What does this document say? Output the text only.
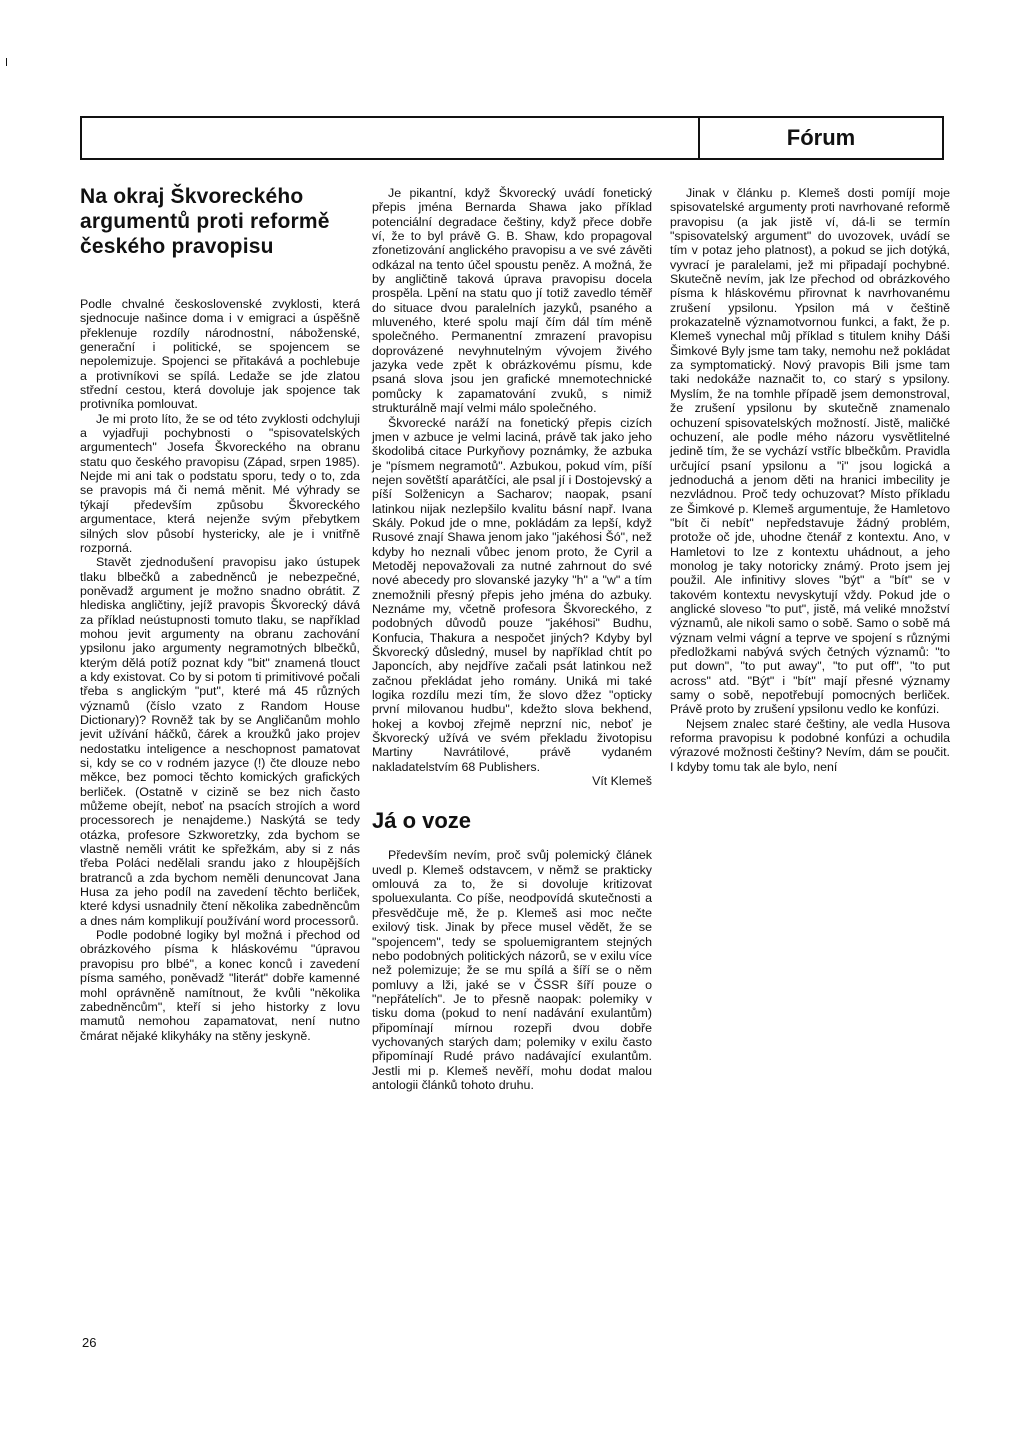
Fórum
Na okraj Škvoreckého argumentů proti reformě českého pravopisu

Podle chvalné československé zvyklosti, která sjednocuje našince doma i v emigraci a úspěšně překlenuje rozdíly národnostní, náboženské, generační i politické, se spojencem se nepolemizuje. Spojenci se přitakává a pochlebuje a protivníkovi se spílá. Ledaže se jde zlatou střední cestou, která dovoluje jak spojence tak protivníka pomlouvat.

Je mi proto líto, že se od této zvyklosti odchyluji a vyjadřuji pochybnosti o "spisovatelských argumentech" Josefa Škvoreckého na obranu statu quo českého pravopisu (Západ, srpen 1985). Nejde mi ani tak o podstatu sporu, tedy o to, zda se pravopis má či nemá měnit. Mé výhrady se týkají především způsobu Škvoreckého argumentace, která nejenže svým přebytkem silných slov působí hystericky, ale je i vnitřně rozporná.

Stavět zjednodušení pravopisu jako ústupek tlaku blbečků a zabedněnců je nebezpečné, poněvadž argument je možno snadno obrátit. Z hlediska angličtiny, jejíž pravopis Škvorecký dává za příklad neústupnosti tomuto tlaku, se například mohou jevit argumenty na obranu zachování ypsilonu jako argumenty negramotných blbečků, kterým dělá potíž poznat kdy "bit" znamená tlouct a kdy existovat. Co by si potom ti primitivové počali třeba s anglickým "put", které má 45 různých významů (číslo vzato z Random House Dictionary)? Rovněž tak by se Angličanům mohlo jevit užívání háčků, čárek a kroužků jako projev nedostatku inteligence a neschopnost pamatovat si, kdy se co v rodném jazyce (!) čte dlouze nebo měkce, bez pomoci těchto komických grafických berliček. (Ostatně v cizině se bez nich často můžeme obejít, neboť na psacích strojích a word processorech je nenajdeme.) Naskýtá se tedy otázka, profesore Szkworetzky, zda bychom se vlastně neměli vrátit ke spřežkám, aby si z nás třeba Poláci nedělali srandu jako z hloupějších bratranců a zda bychom neměli denuncovat Jana Husa za jeho podíl na zavedení těchto berliček, které kdysi usnadnily čtení několika zabedněncům a dnes nám komplikují používání word processorů.

Podle podobné logiky byl možná i přechod od obrázkového písma k hláskovému "úpravou pravopisu pro blbé", a konec konců i zavedení písma samého, poněvadž "literát" dobře kamenné mohl oprávněně namítnout, že kvůli "několika zabedněncům", kteří si jeho historky z lovu mamutů nemohou zapamatovat, není nutno čmárat nějaké klikyháky na stěny jeskyně.

Je pikantní, když Škvorecký uvádí fonetický přepis jména Bernarda Shawa jako příklad potenciální degradace češtiny, když přece dobře ví, že to byl právě G. B. Shaw, kdo propagoval zfonetizování anglického pravopisu a ve své závěti odkázal na tento účel spoustu peněz. A možná, že by angličtině taková úprava pravopisu docela prospěla. Lpění na statu quo jí totiž zavedlo téměř do situace dvou paralelních jazyků, psaného a mluveného, které spolu mají čím dál tím méně společného. Permanentní zmrazení pravopisu doprovázené nevyhnutelným vývojem živého jazyka vede zpět k obrázkovému písmu, kde psaná slova jsou jen grafické mnemotechnické pomůcky k zapamatování zvuků, s nimiž strukturálně mají velmi málo společného.

Škvorecké naráží na fonetický přepis cizích jmen v azbuce je velmi laciná, právě tak jako jeho škodolibá citace Purkyňovy poznámky, že azbuka je "písmem negramotů". Azbukou, pokud vím, píší nejen sovětští aparátčíci, ale psal jí i Dostojevský a píší Solženicyn a Sacharov; naopak, psaní latinkou nijak nezlepšilo kvalitu básní např. Ivana Skály. Pokud jde o mne, pokládám za lepší, když Rusové znají Shawa jenom jako "jakéhosi Šó", než kdyby ho neznali vůbec jenom proto, že Cyril a Metoděj nepovažovali za nutné zahrnout do své nové abecedy pro slovanské jazyky "h" a "w" a tím znemožnili přesný přepis jeho jména do azbuky. Neznáme my, včetně profesora Škvoreckého, z podobných důvodů pouze "jakéhosi" Budhu, Konfucia, Thakura a nespočet jiných? Kdyby byl Škvorecký důsledný, musel by například chtít po Japoncích, aby nejdříve začali psát latinkou než začnou překládat jeho romány. Uniká mi také logika rozdílu mezi tím, že slovo džez "opticky první milovanou hudbu", kdežto slova bekhend, hokej a kovboj zřejmě neprzní nic, neboť je Škvorecký užívá ve svém překladu životopisu Martiny Navrátilové, právě vydaném nakladatelstvím 68 Publishers.

Vít Klemeš

Já o voze

Především nevím, proč svůj polemický článek uvedl p. Klemeš odstavcem, v němž se prakticky omlouvá za to, že si dovoluje kritizovat spoluexulanta. Co píše, neodpovídá skutečnosti a přesvědčuje mě, že p. Klemeš asi moc nečte exilový tisk. Jinak by přece musel vědět, že se "spojencem", tedy se spoluemigrantem stejných nebo podobných politických názorů, se v exilu více než polemizuje; že se mu spílá a šíří se o něm pomluvy a lži, jaké se v ČSSR šíří pouze o "nepřátelích". Je to přesně naopak: polemiky v tisku doma (pokud to není nadávání exulantům) připomínají mírnou rozepři dvou dobře vychovaných starých dam; polemiky v exilu často připomínají Rudé právo nadávající exulantům. Jestli mi p. Klemeš nevěří, mohu dodat malou antologii článků tohoto druhu.

Jinak v článku p. Klemeš dosti pomíjí moje spisovatelské argumenty proti navrhované reformě pravopisu (a jak jistě ví, dá-li se termín "spisovatelský argument" do uvozovek, uvádí se tím v potaz jeho platnost), a pokud se jich dotýká, vyvrací je paralelami, jež mi připadají pochybné. Skutečně nevím, jak lze přechod od obrázkového písma k hláskovému přirovnat k navrhovanému zrušení ypsilonu. Ypsilon má v češtině prokazatelně významotvornou funkci, a fakt, že p. Klemeš vynechal můj příklad s titulem knihy Dáši Šimkové Byly jsme tam taky, nemohu než pokládat za symptomatický. Nový pravopis Bili jsme tam taki nedokáže naznačit to, co starý s ypsilony. Myslím, že na tomhle případě jsem demonstroval, že zrušení ypsilonu by skutečně znamenalo ochuzení spisovatelských možností. Jistě, maličké ochuzení, ale podle mého názoru vysvětlitelné jedině tím, že se vychází vstříc blbečkům. Pravidla určující psaní ypsilonu a "i" jsou logická a jednoduchá a jenom děti na hranici imbecility je nezvládnou. Proč tedy ochuzovat? Místo příkladu ze Šimkové p. Klemeš argumentuje, že Hamletovo "bít či nebít" nepředstavuje žádný problém, protože oč jde, uhodne čtenář z kontextu. Ano, v Hamletovi to lze z kontextu uhádnout, a jeho monolog je taky notoricky známý. Proto jsem jej použil. Ale infinitivy sloves "být" a "bít" se v takovém kontextu nevyskytují vždy. Pokud jde o anglické sloveso "to put", jistě, má veliké množství významů, ale nikoli samo o sobě. Samo o sobě má význam velmi vágní a teprve ve spojení s různými předložkami nabývá svých četných významů: "to put down", "to put away", "to put off", "to put across" atd. "Být" i "bít" mají přesné významy samy o sobě, nepotřebují pomocných berliček. Právě proto by zrušení ypsilonu vedlo ke konfúzi.

Nejsem znalec staré češtiny, ale vedla Husova reforma pravopisu k podobné konfúzi a ochudila výrazové možnosti češtiny? Nevím, dám se poučit. I kdyby tomu tak ale bylo, není

26
